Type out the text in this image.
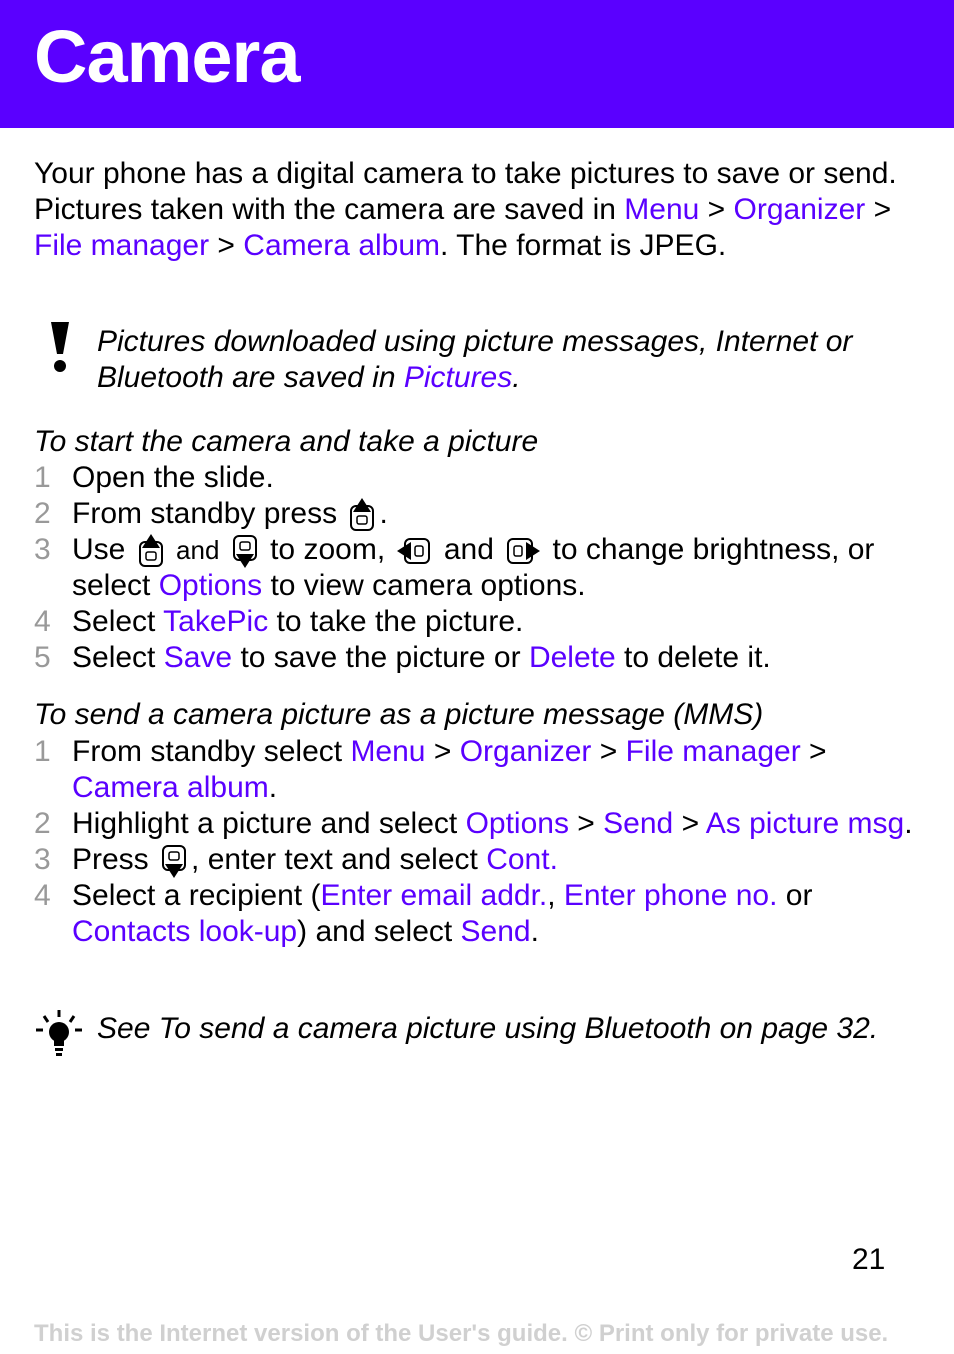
Camera

Your phone has a digital camera to take pictures to save or send. Pictures taken with the camera are saved in Menu > Organizer > File manager > Camera album. The format is JPEG.

Pictures downloaded using picture messages, Internet or Bluetooth are saved in Pictures.

To start the camera and take a picture
1 Open the slide.
2 From standby press .
3 Use  and  to zoom,  and  to change brightness, or select Options to view camera options.
4 Select TakePic to take the picture.
5 Select Save to save the picture or Delete to delete it.
To send a camera picture as a picture message (MMS)
1 From standby select Menu > Organizer > File manager > Camera album.
2 Highlight a picture and select Options > Send > As picture msg.
3 Press , enter text and select Cont.
4 Select a recipient (Enter email addr., Enter phone no. or Contacts look-up) and select Send.

See To send a camera picture using Bluetooth on page 32.

21

This is the Internet version of the User's guide. © Print only for private use.
